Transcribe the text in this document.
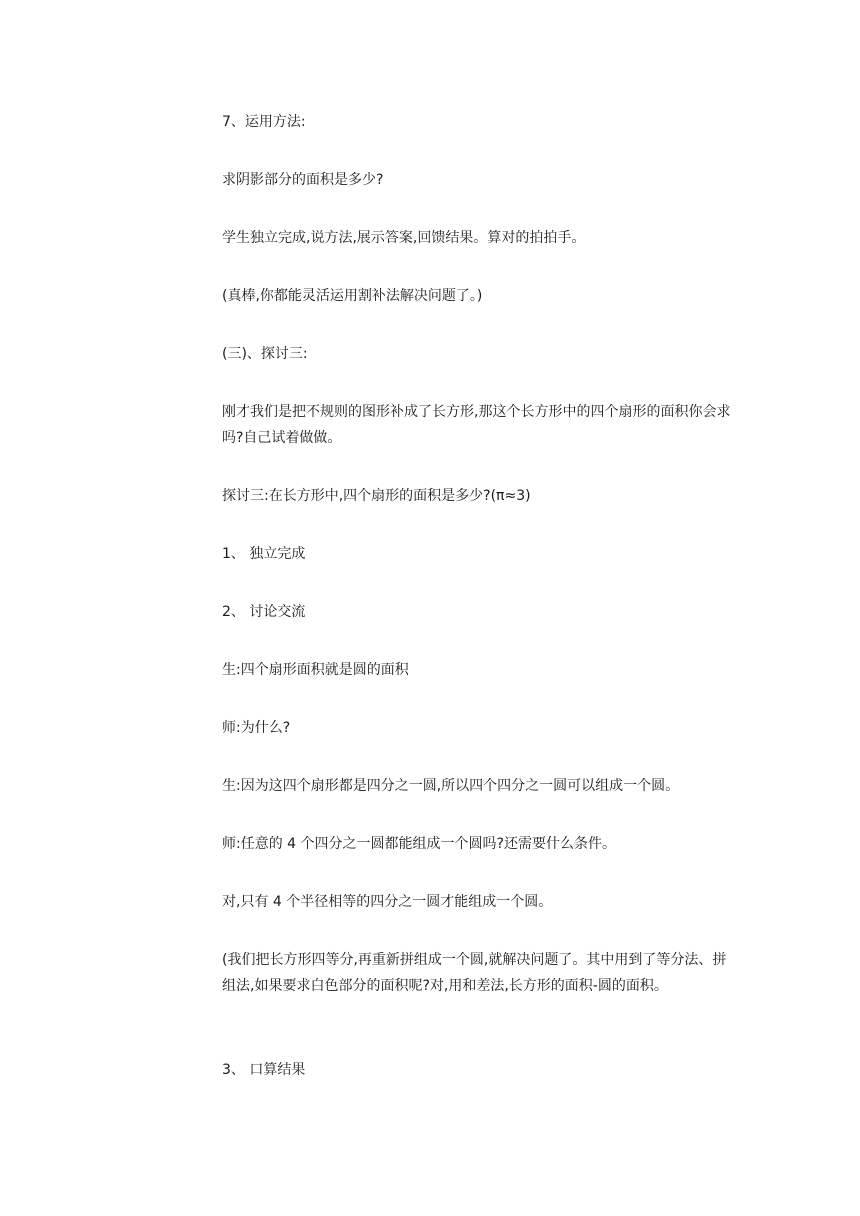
7、运用方法:

求阴影部分的面积是多少?

学生独立完成,说方法,展示答案,回馈结果。算对的拍拍手。

(真棒,你都能灵活运用割补法解决问题了。)

(三)、探讨三:

刚才我们是把不规则的图形补成了长方形,那这个长方形中的四个扇形的面积你会求吗?自己试着做做。

探讨三:在长方形中,四个扇形的面积是多少?(π≈3)

1、 独立完成

2、 讨论交流

生:四个扇形面积就是圆的面积

师:为什么?

生:因为这四个扇形都是四分之一圆,所以四个四分之一圆可以组成一个圆。

师:任意的 4 个四分之一圆都能组成一个圆吗?还需要什么条件。

对,只有 4 个半径相等的四分之一圆才能组成一个圆。

(我们把长方形四等分,再重新拼组成一个圆,就解决问题了。其中用到了等分法、拼组法,如果要求白色部分的面积呢?对,用和差法,长方形的面积-圆的面积。

3、 口算结果
